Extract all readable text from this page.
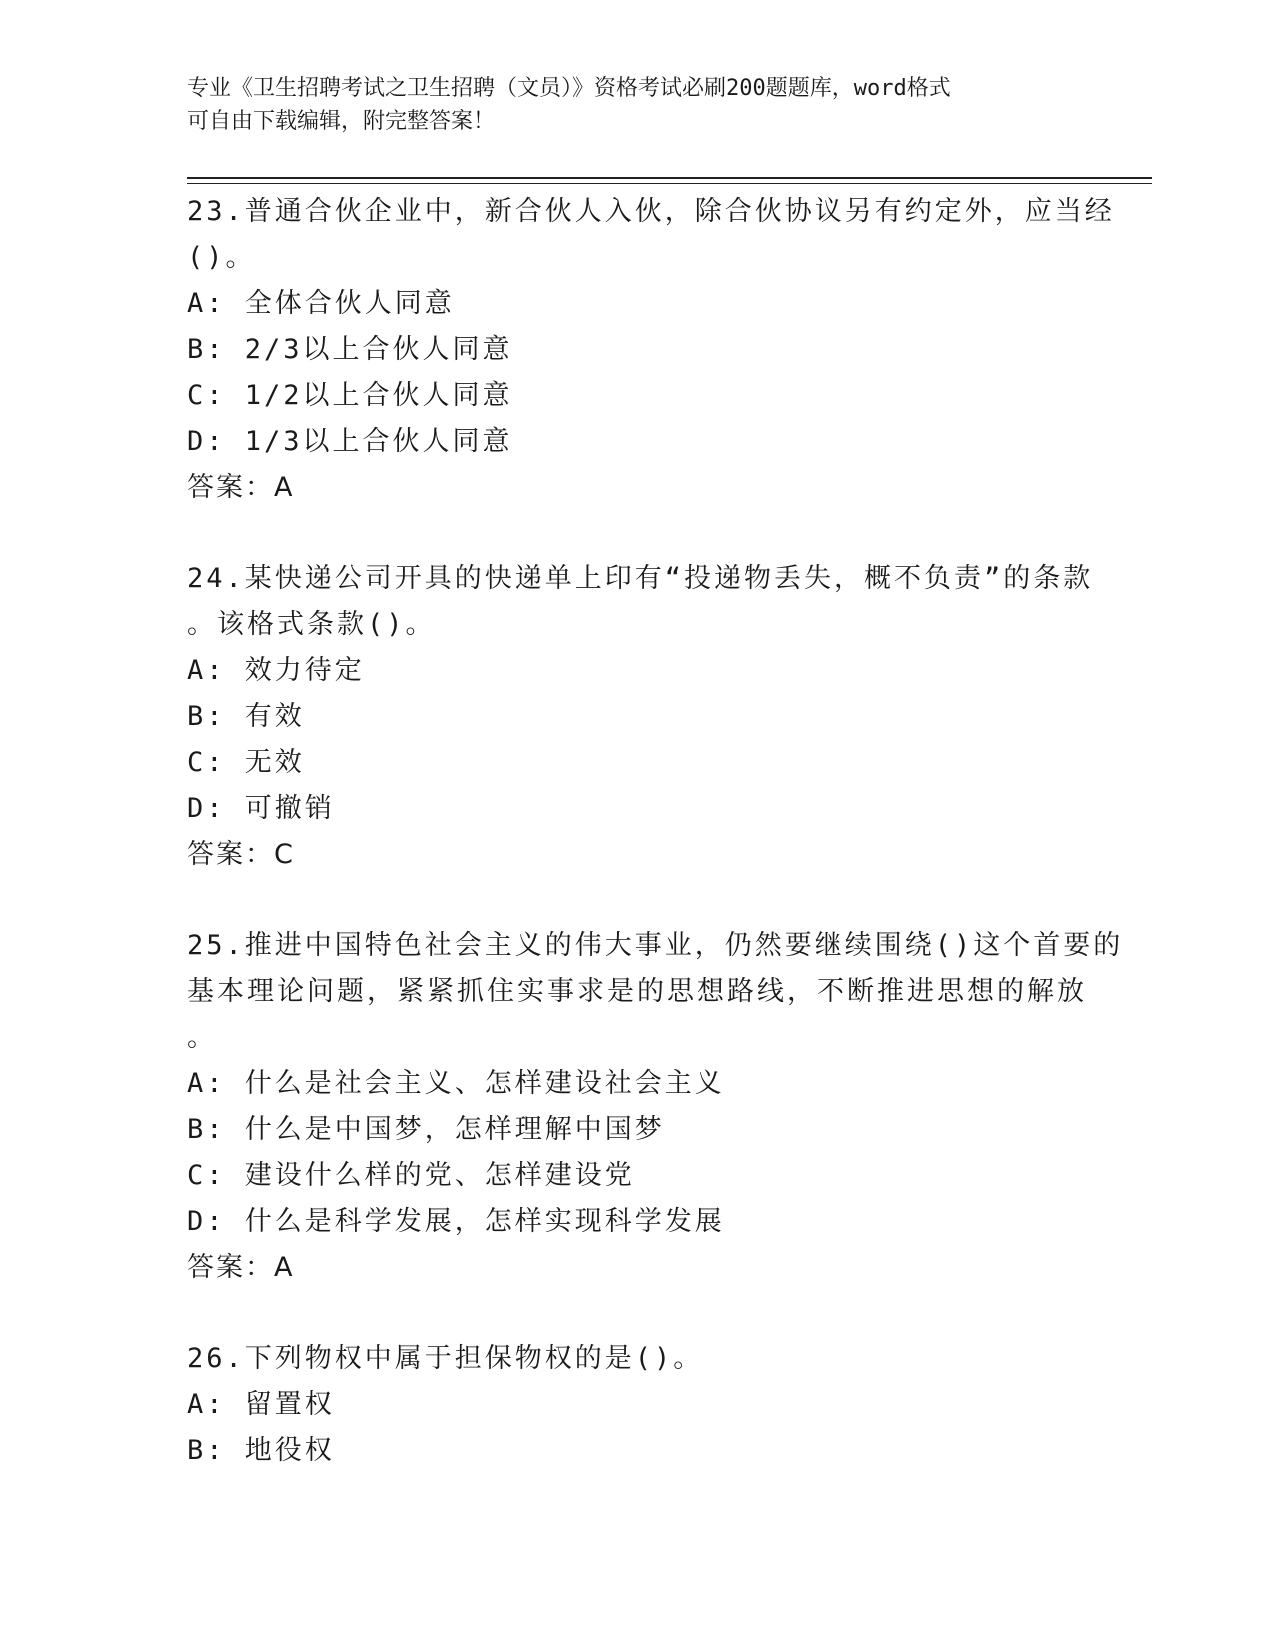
专业《卫生招聘考试之卫生招聘（文员）》资格考试必刷200题题库，word格式
可自由下载编辑，附完整答案！
23.普通合伙企业中，新合伙人入伙，除合伙协议另有约定外，应当经
()。
A: 全体合伙人同意
B: 2/3以上合伙人同意
C: 1/2以上合伙人同意
D: 1/3以上合伙人同意
答案：A
24.某快递公司开具的快递单上印有“投递物丢失，概不负责”的条款
。该格式条款()。
A: 效力待定
B: 有效
C: 无效
D: 可撤销
答案：C
25.推进中国特色社会主义的伟大事业，仍然要继续围绕()这个首要的
基本理论问题，紧紧抓住实事求是的思想路线，不断推进思想的解放
。
A: 什么是社会主义、怎样建设社会主义
B: 什么是中国梦，怎样理解中国梦
C: 建设什么样的党、怎样建设党
D: 什么是科学发展，怎样实现科学发展
答案：A
26.下列物权中属于担保物权的是()。
A: 留置权
B: 地役权
